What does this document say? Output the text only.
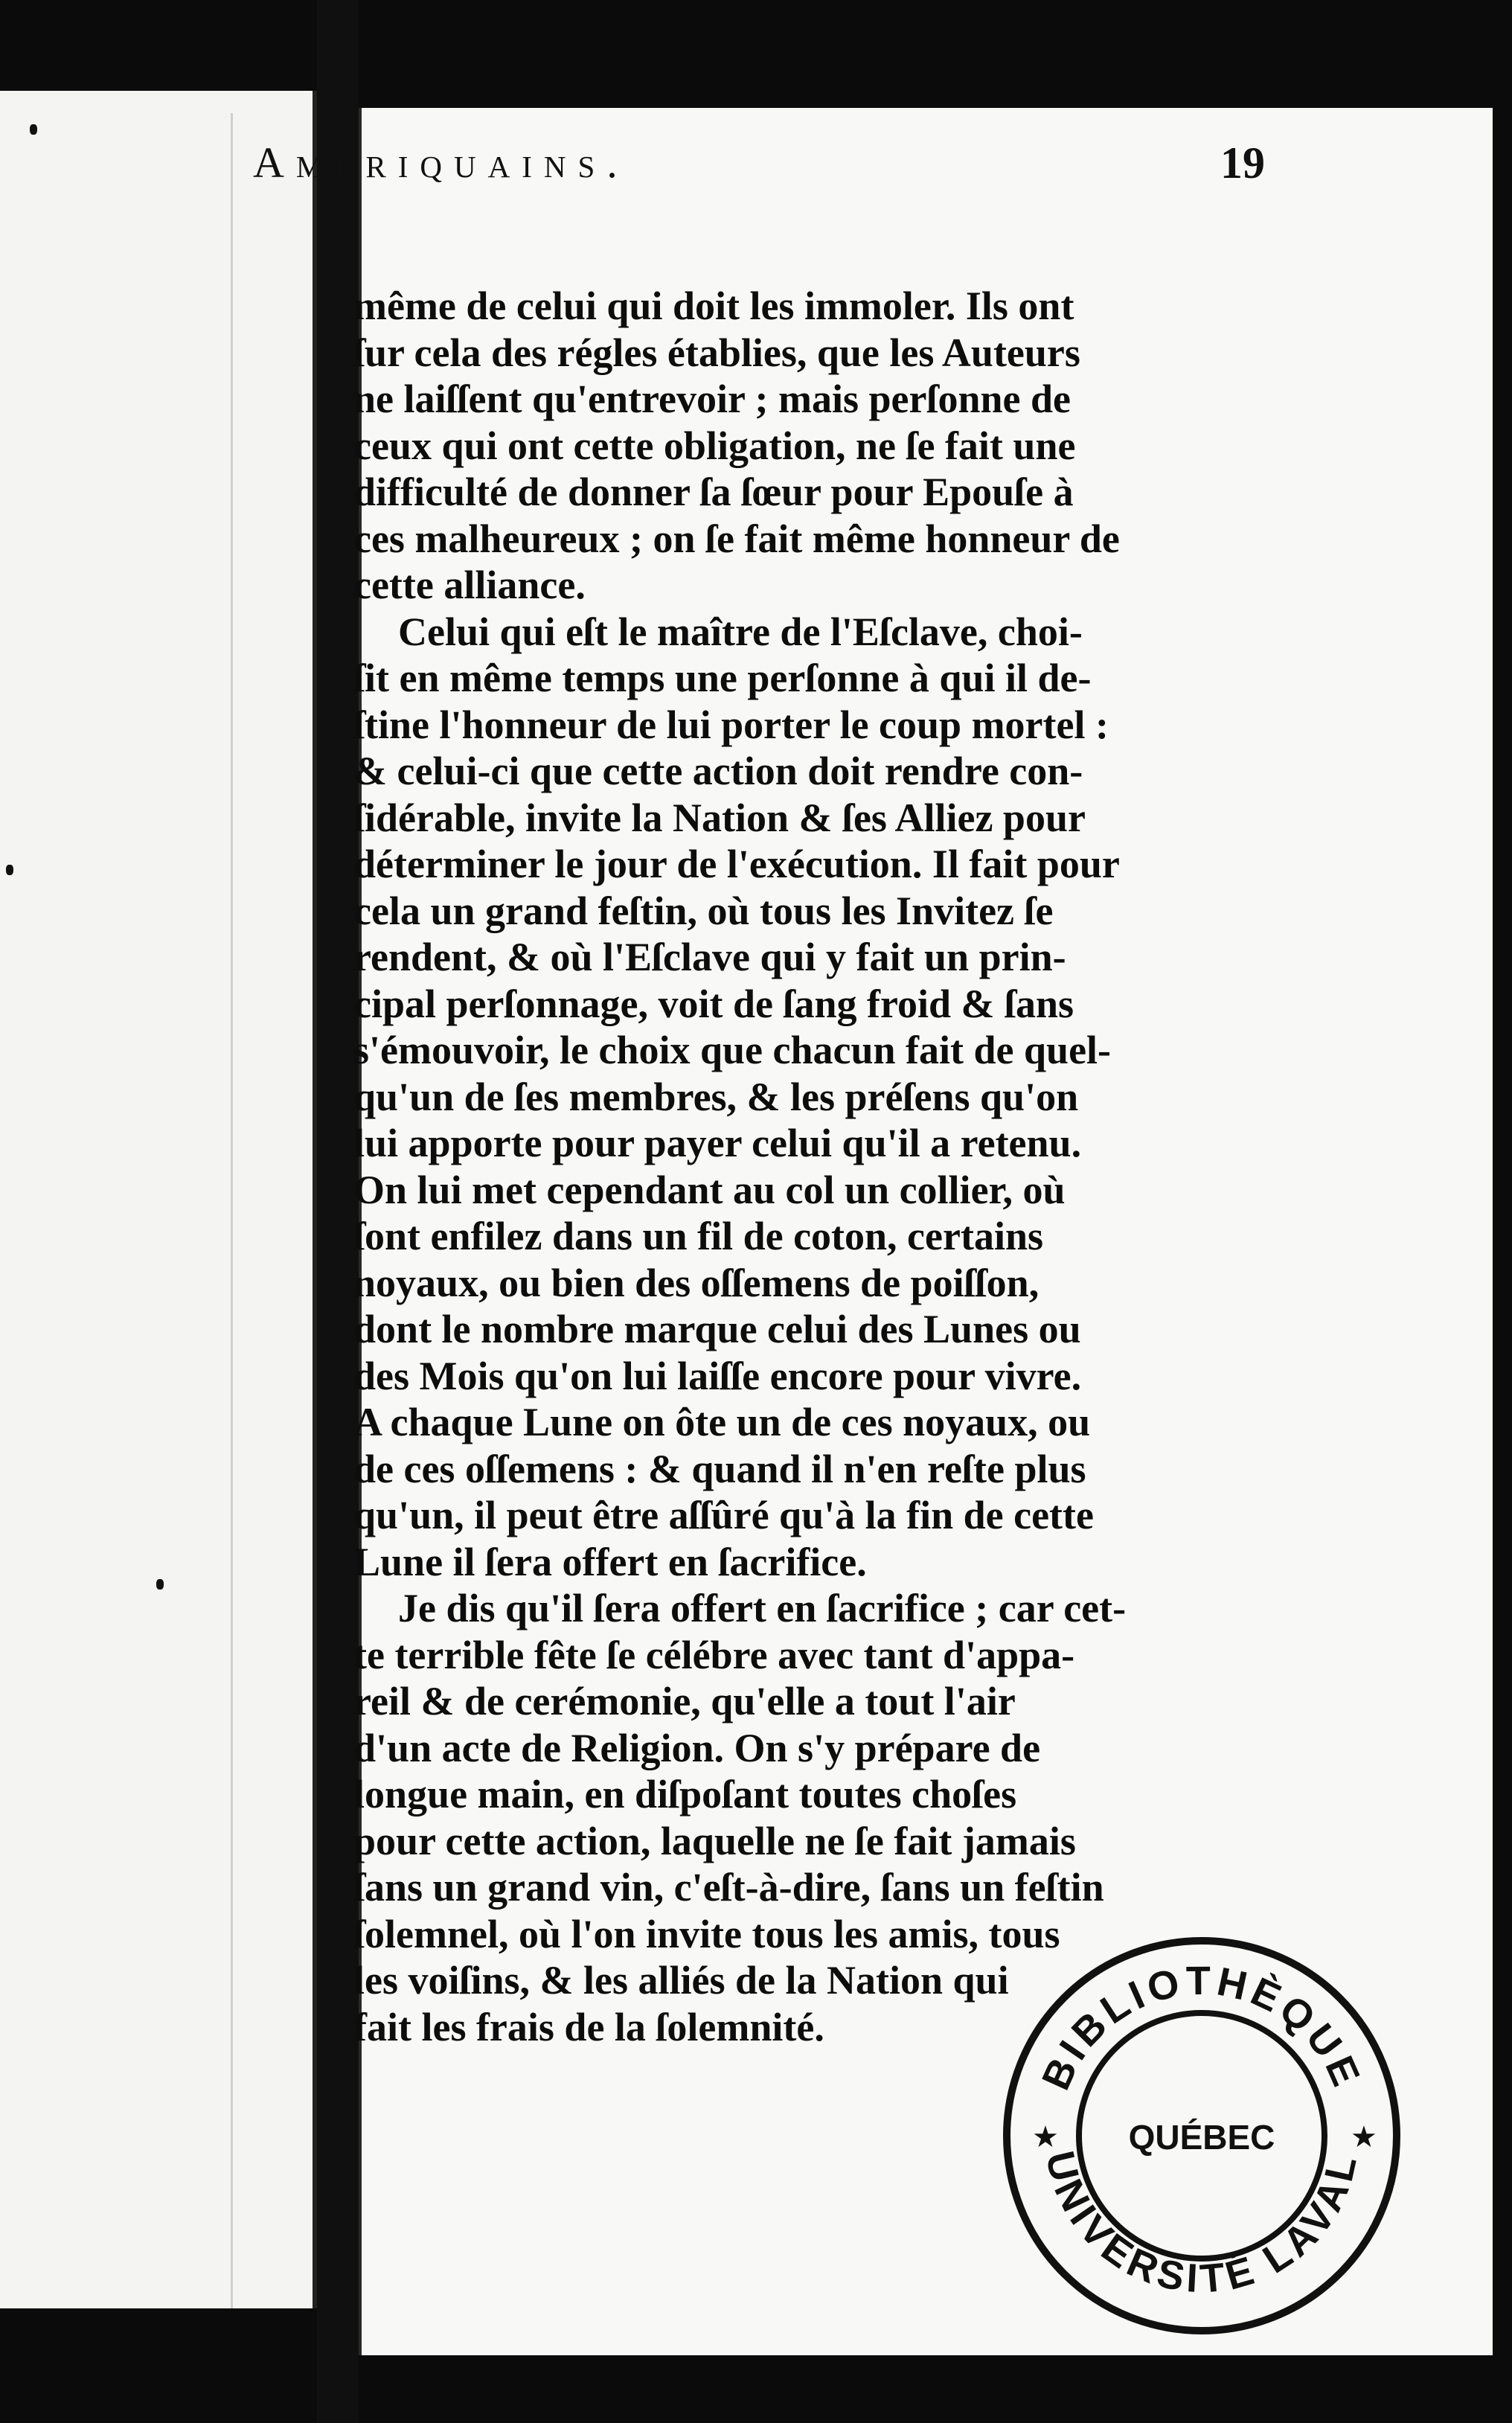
Ameriquains.	19

même de celui qui doit les immoler. Ils ont
ſur cela des régles établies, que les Auteurs
ne laiſſent qu'entrevoir ; mais perſonne de
ceux qui ont cette obligation, ne ſe fait une
difficulté de donner ſa ſœur pour Epouſe à
ces malheureux ; on ſe fait même honneur de
cette alliance.

Celui qui eſt le maître de l'Eſclave, choi-
ſit en même temps une perſonne à qui il de-
ſtine l'honneur de lui porter le coup mortel :
& celui-ci que cette action doit rendre con-
ſidérable, invite la Nation & ſes Alliez pour
déterminer le jour de l'exécution. Il fait pour
cela un grand feſtin, où tous les Invitez ſe
rendent, & où l'Eſclave qui y fait un prin-
cipal perſonnage, voit de ſang froid & ſans
s'émouvoir, le choix que chacun fait de quel-
qu'un de ſes membres, & les préſens qu'on
lui apporte pour payer celui qu'il a retenu.
On lui met cependant au col un collier, où
ſont enfilez dans un fil de coton, certains
noyaux, ou bien des oſſemens de poiſſon,
dont le nombre marque celui des Lunes ou
des Mois qu'on lui laiſſe encore pour vivre.
A chaque Lune on ôte un de ces noyaux, ou
de ces oſſemens : & quand il n'en reſte plus
qu'un, il peut être aſſûré qu'à la fin de cette
Lune il ſera offert en ſacrifice.

Je dis qu'il ſera offert en ſacrifice ; car cet-
te terrible fête ſe célébre avec tant d'appa-
reil & de cerémonie, qu'elle a tout l'air
d'un acte de Religion. On s'y prépare de
longue main, en diſpoſant toutes choſes
pour cette action, laquelle ne ſe fait jamais
ſans un grand vin, c'eſt-à-dire, ſans un feſtin
ſolemnel, où l'on invite tous les amis, tous
les voiſins, & les alliés de la Nation qui
fait les frais de la ſolemnité.

BIBLIOTHÈQUE
UNIVERSITÉ LAVAL
★	★
QUÉBEC
